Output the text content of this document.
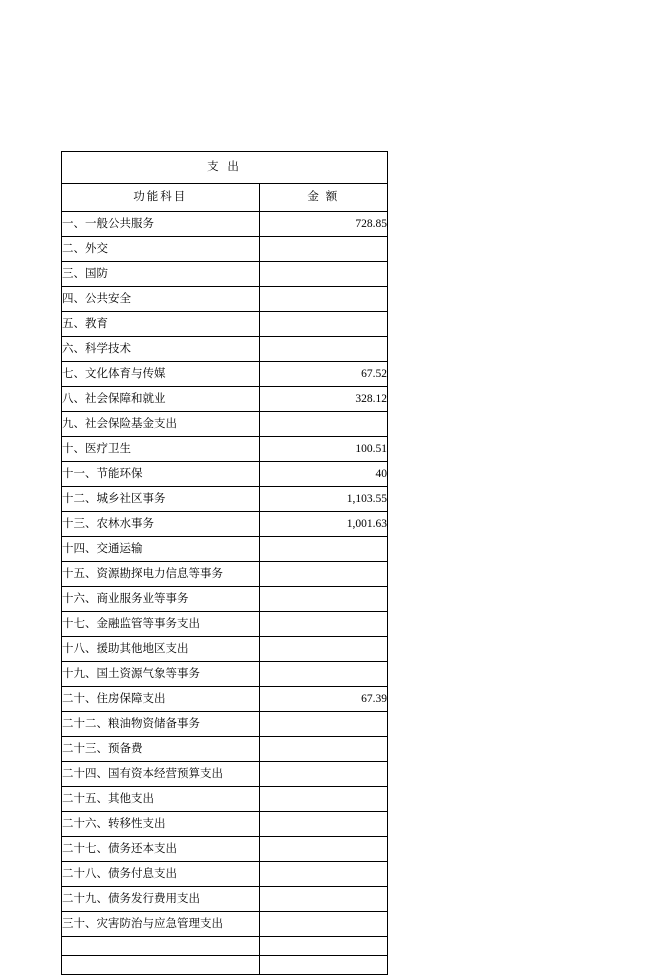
支 出	
功能科目	金 额
一、一般公共服务	728.85
二、外交	
三、国防	
四、公共安全	
五、教育	
六、科学技术	
七、文化体育与传媒	67.52
八、社会保障和就业	328.12
九、社会保险基金支出	
十、医疗卫生	100.51
十一、节能环保	40
十二、城乡社区事务	1,103.55
十三、农林水事务	1,001.63
十四、交通运输	
十五、资源勘探电力信息等事务	
十六、商业服务业等事务	
十七、金融监管等事务支出	
十八、援助其他地区支出	
十九、国土资源气象等事务	
二十、住房保障支出	67.39
二十二、粮油物资储备事务	
二十三、预备费	
二十四、国有资本经营预算支出	
二十五、其他支出	
二十六、转移性支出	
二十七、债务还本支出	
二十八、债务付息支出	
二十九、债务发行费用支出	
三十、灾害防治与应急管理支出	
